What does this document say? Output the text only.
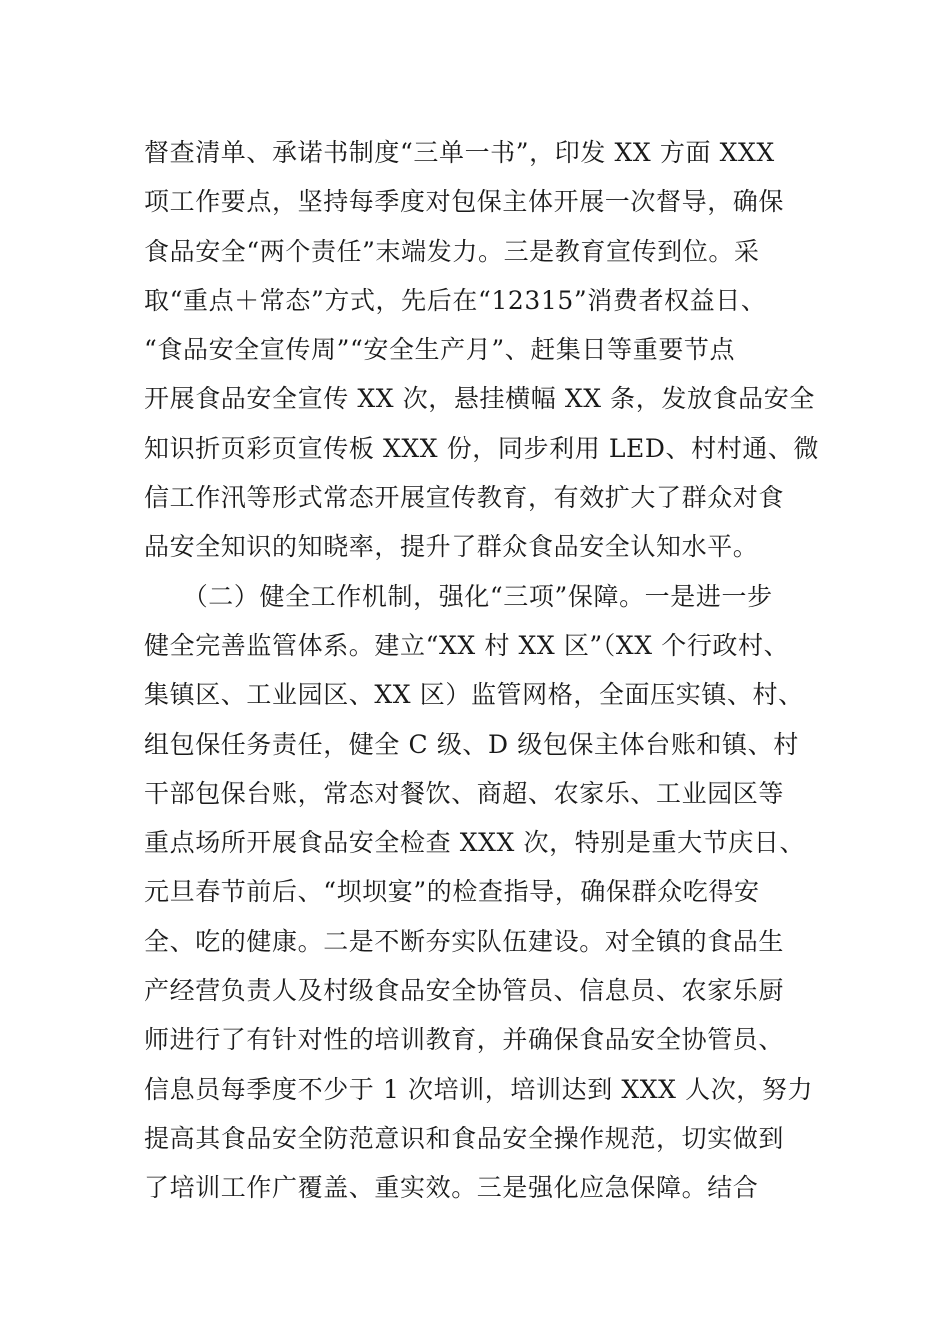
督查清单、承诺书制度“三单一书”，印发 XX 方面 XXX
项工作要点，坚持每季度对包保主体开展一次督导，确保
食品安全“两个责任”末端发力。三是教育宣传到位。采
取“重点＋常态”方式，先后在“12315”消费者权益日、
“食品安全宣传周”“安全生产月”、赶集日等重要节点
开展食品安全宣传 XX 次，悬挂横幅 XX 条，发放食品安全
知识折页彩页宣传板 XXX 份，同步利用 LED、村村通、微
信工作汛等形式常态开展宣传教育，有效扩大了群众对食
品安全知识的知晓率，提升了群众食品安全认知水平。
　　（二）健全工作机制，强化“三项”保障。一是进一步
健全完善监管体系。建立“XX 村 XX 区”（XX 个行政村、
集镇区、工业园区、XX 区）监管网格，全面压实镇、村、
组包保任务责任，健全 C 级、D 级包保主体台账和镇、村
干部包保台账，常态对餐饮、商超、农家乐、工业园区等
重点场所开展食品安全检查 XXX 次，特别是重大节庆日、
元旦春节前后、“坝坝宴”的检查指导，确保群众吃得安
全、吃的健康。二是不断夯实队伍建设。对全镇的食品生
产经营负责人及村级食品安全协管员、信息员、农家乐厨
师进行了有针对性的培训教育，并确保食品安全协管员、
信息员每季度不少于 1 次培训，培训达到 XXX 人次，努力
提高其食品安全防范意识和食品安全操作规范，切实做到
了培训工作广覆盖、重实效。三是强化应急保障。结合
